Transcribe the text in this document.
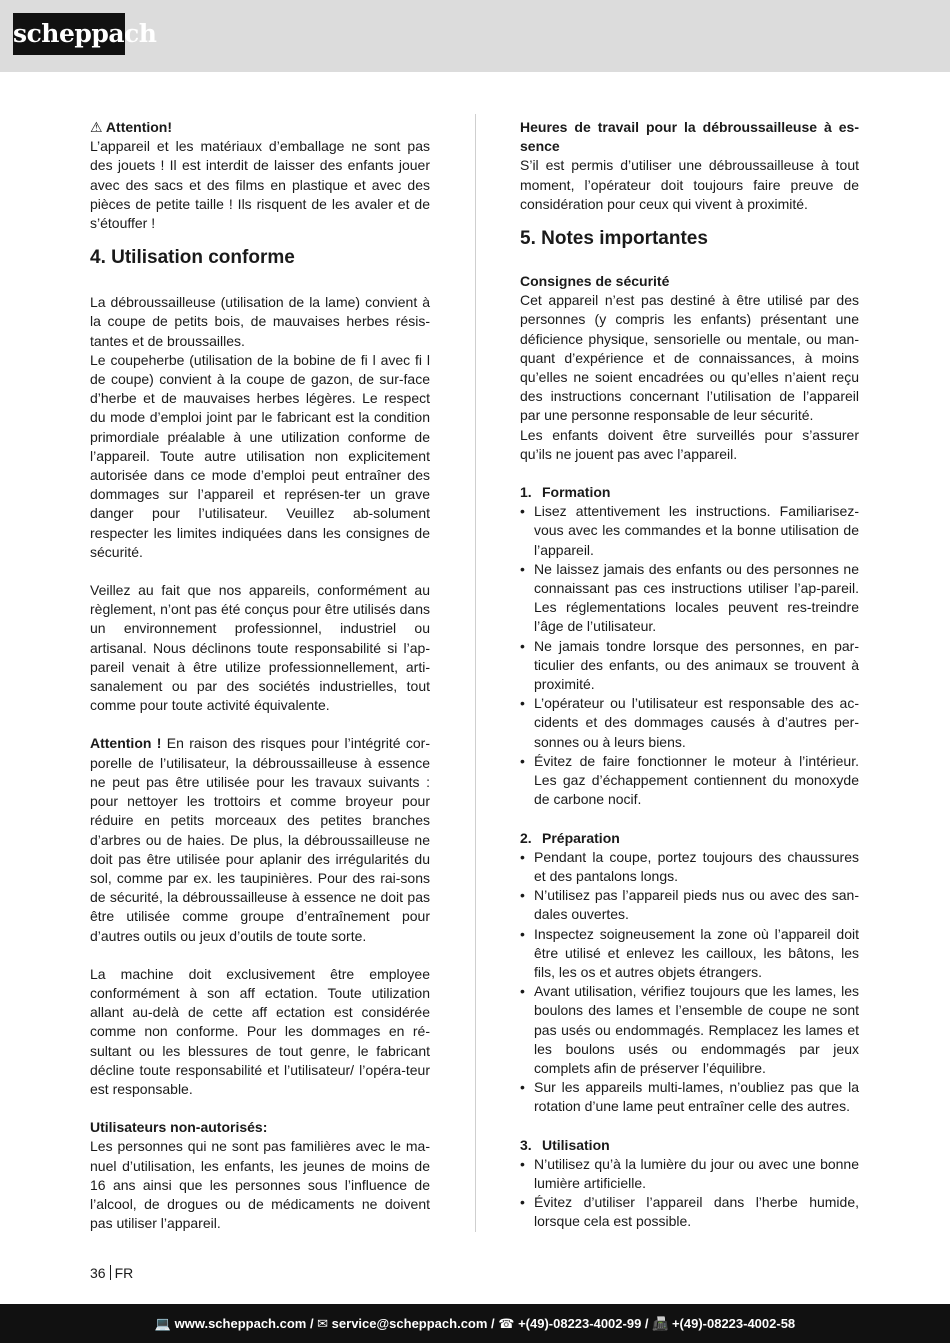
scheppach

⚠ Attention!

L’appareil et les matériaux d’emballage ne sont pas des jouets ! Il est interdit de laisser des enfants jouer avec des sacs et des films en plastique et avec des pièces de petite taille ! Ils risquent de les avaler et de s’étouffer !

4. Utilisation conforme

La débroussailleuse (utilisation de la lame) convient à la coupe de petits bois, de mauvaises herbes résis-tantes et de broussailles.

Le coupeherbe (utilisation de la bobine de fi l avec fi l de coupe) convient à la coupe de gazon, de sur-face d’herbe et de mauvaises herbes légères. Le respect du mode d’emploi joint par le fabricant est la condition primordiale préalable à une utilization conforme de l’appareil. Toute autre utilisation non explicitement autorisée dans ce mode d’emploi peut entraîner des dommages sur l’appareil et représen-ter un grave danger pour l’utilisateur. Veuillez ab-solument respecter les limites indiquées dans les consignes de sécurité.

Veillez au fait que nos appareils, conformément au règlement, n’ont pas été conçus pour être utilisés dans un environnement professionnel, industriel ou artisanal. Nous déclinons toute responsabilité si l’ap-pareil venait à être utilize professionnellement, arti-sanalement ou par des sociétés industrielles, tout comme pour toute activité équivalente.

Attention ! En raison des risques pour l’intégrité cor-porelle de l’utilisateur, la débroussailleuse à essence ne peut pas être utilisée pour les travaux suivants : pour nettoyer les trottoirs et comme broyeur pour réduire en petits morceaux des petites branches d’arbres ou de haies. De plus, la débroussailleuse ne doit pas être utilisée pour aplanir des irrégularités du sol, comme par ex. les taupinières. Pour des rai-sons de sécurité, la débroussailleuse à essence ne doit pas être utilisée comme groupe d’entraînement pour d’autres outils ou jeux d’outils de toute sorte.

La machine doit exclusivement être employee conformément à son aff ectation. Toute utilization allant au-delà de cette aff ectation est considérée comme non conforme. Pour les dommages en ré-sultant ou les blessures de tout genre, le fabricant décline toute responsabilité et l’utilisateur/ l’opéra-teur est responsable.

Utilisateurs non-autorisés:

Les personnes qui ne sont pas familières avec le ma-nuel d’utilisation, les enfants, les jeunes de moins de 16 ans ainsi que les personnes sous l’influence de l’alcool, de drogues ou de médicaments ne doivent pas utiliser l’appareil.

Heures de travail pour la débroussailleuse à es-sence

S’il est permis d’utiliser une débroussailleuse à tout moment, l’opérateur doit toujours faire preuve de considération pour ceux qui vivent à proximité.

5. Notes importantes

Consignes de sécurité

Cet appareil n’est pas destiné à être utilisé par des personnes (y compris les enfants) présentant une déficience physique, sensorielle ou mentale, ou man-quant d’expérience et de connaissances, à moins qu’elles ne soient encadrées ou qu’elles n’aient reçu des instructions concernant l’utilisation de l’appareil par une personne responsable de leur sécurité.

Les enfants doivent être surveillés pour s’assurer qu’ils ne jouent pas avec l’appareil.

1. Formation

• Lisez attentivement les instructions. Familiarisez-vous avec les commandes et la bonne utilisation de l’appareil.
• Ne laissez jamais des enfants ou des personnes ne connaissant pas ces instructions utiliser l’ap-pareil. Les réglementations locales peuvent res-treindre l’âge de l’utilisateur.
• Ne jamais tondre lorsque des personnes, en par-ticulier des enfants, ou des animaux se trouvent à proximité.
• L’opérateur ou l’utilisateur est responsable des ac-cidents et des dommages causés à d’autres per-sonnes ou à leurs biens.
• Évitez de faire fonctionner le moteur à l’intérieur. Les gaz d’échappement contiennent du monoxyde de carbone nocif.

2. Préparation

• Pendant la coupe, portez toujours des chaussures et des pantalons longs.
• N’utilisez pas l’appareil pieds nus ou avec des san-dales ouvertes.
• Inspectez soigneusement la zone où l’appareil doit être utilisé et enlevez les cailloux, les bâtons, les fils, les os et autres objets étrangers.
• Avant utilisation, vérifiez toujours que les lames, les boulons des lames et l’ensemble de coupe ne sont pas usés ou endommagés. Remplacez les lames et les boulons usés ou endommagés par jeux complets afin de préserver l’équilibre.
• Sur les appareils multi-lames, n’oubliez pas que la rotation d’une lame peut entraîner celle des autres.

3. Utilisation

• N’utilisez qu’à la lumière du jour ou avec une bonne lumière artificielle.
• Évitez d’utiliser l’appareil dans l’herbe humide, lorsque cela est possible.
36 FR
💻 www.scheppach.com / ✉ service@scheppach.com / ☎ +(49)-08223-4002-99 / 📠 +(49)-08223-4002-58
